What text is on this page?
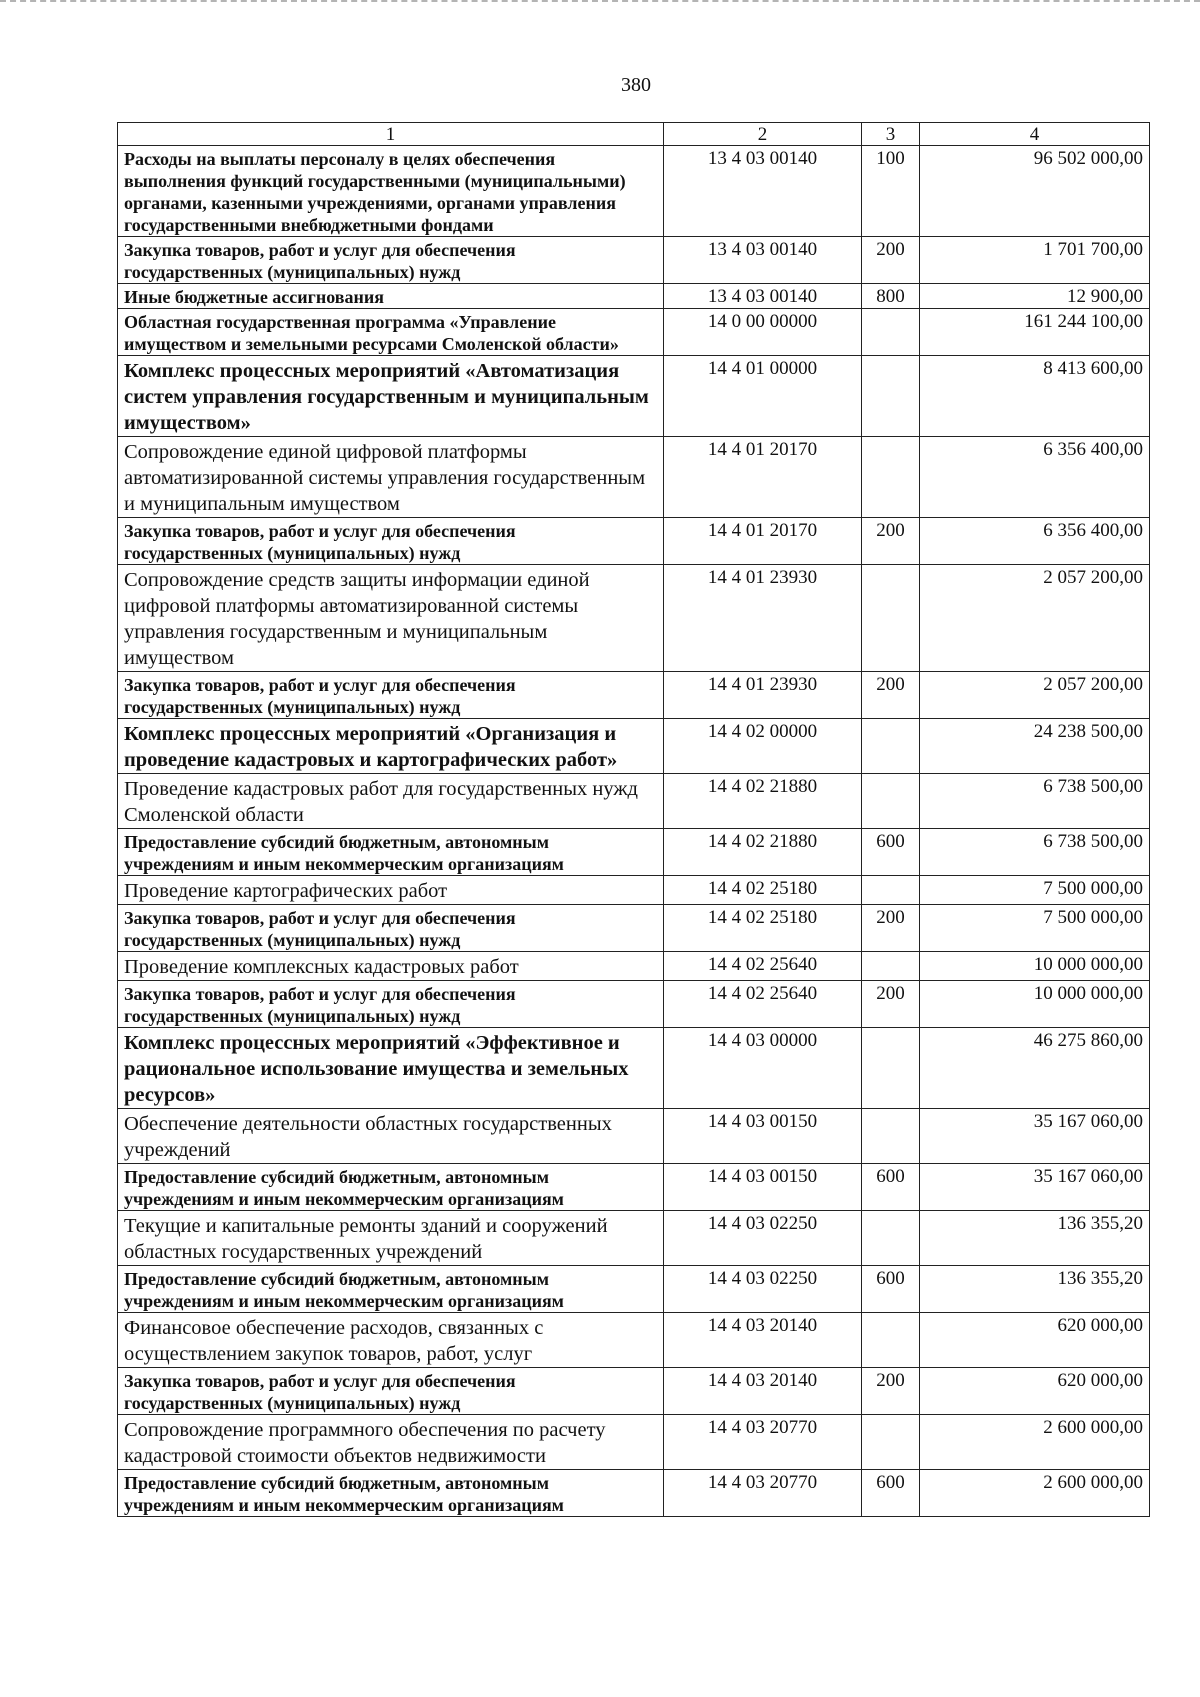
380
1	2	3	4
Расходы на выплаты персоналу в целях обеспечения выполнения функций государственными (муниципальными) органами, казенными учреждениями, органами управления государственными внебюджетными фондами	13 4 03 00140	100	96 502 000,00
Закупка товаров, работ и услуг для обеспечения государственных (муниципальных) нужд	13 4 03 00140	200	1 701 700,00
Иные бюджетные ассигнования	13 4 03 00140	800	12 900,00
Областная государственная программа «Управление имуществом и земельными ресурсами Смоленской области»	14 0 00 00000		161 244 100,00
Комплекс процессных мероприятий «Автоматизация систем управления государственным и муниципальным имуществом»	14 4 01 00000		8 413 600,00
Сопровождение единой цифровой платформы автоматизированной системы управления государственным и муниципальным имуществом	14 4 01 20170		6 356 400,00
Закупка товаров, работ и услуг для обеспечения государственных (муниципальных) нужд	14 4 01 20170	200	6 356 400,00
Сопровождение средств защиты информации единой цифровой платформы автоматизированной системы управления государственным и муниципальным имуществом	14 4 01 23930		2 057 200,00
Закупка товаров, работ и услуг для обеспечения государственных (муниципальных) нужд	14 4 01 23930	200	2 057 200,00
Комплекс процессных мероприятий «Организация и проведение кадастровых и картографических работ»	14 4 02 00000		24 238 500,00
Проведение кадастровых работ для государственных нужд Смоленской области	14 4 02 21880		6 738 500,00
Предоставление субсидий бюджетным, автономным учреждениям и иным некоммерческим организациям	14 4 02 21880	600	6 738 500,00
Проведение картографических работ	14 4 02 25180		7 500 000,00
Закупка товаров, работ и услуг для обеспечения государственных (муниципальных) нужд	14 4 02 25180	200	7 500 000,00
Проведение комплексных кадастровых работ	14 4 02 25640		10 000 000,00
Закупка товаров, работ и услуг для обеспечения государственных (муниципальных) нужд	14 4 02 25640	200	10 000 000,00
Комплекс процессных мероприятий «Эффективное и рациональное использование имущества и земельных ресурсов»	14 4 03 00000		46 275 860,00
Обеспечение деятельности областных государственных учреждений	14 4 03 00150		35 167 060,00
Предоставление субсидий бюджетным, автономным учреждениям и иным некоммерческим организациям	14 4 03 00150	600	35 167 060,00
Текущие и капитальные ремонты зданий и сооружений областных государственных учреждений	14 4 03 02250		136 355,20
Предоставление субсидий бюджетным, автономным учреждениям и иным некоммерческим организациям	14 4 03 02250	600	136 355,20
Финансовое обеспечение расходов, связанных с осуществлением закупок товаров, работ, услуг	14 4 03 20140		620 000,00
Закупка товаров, работ и услуг для обеспечения государственных (муниципальных) нужд	14 4 03 20140	200	620 000,00
Сопровождение программного обеспечения по расчету кадастровой стоимости объектов недвижимости	14 4 03 20770		2 600 000,00
Предоставление субсидий бюджетным, автономным учреждениям и иным некоммерческим организациям	14 4 03 20770	600	2 600 000,00
